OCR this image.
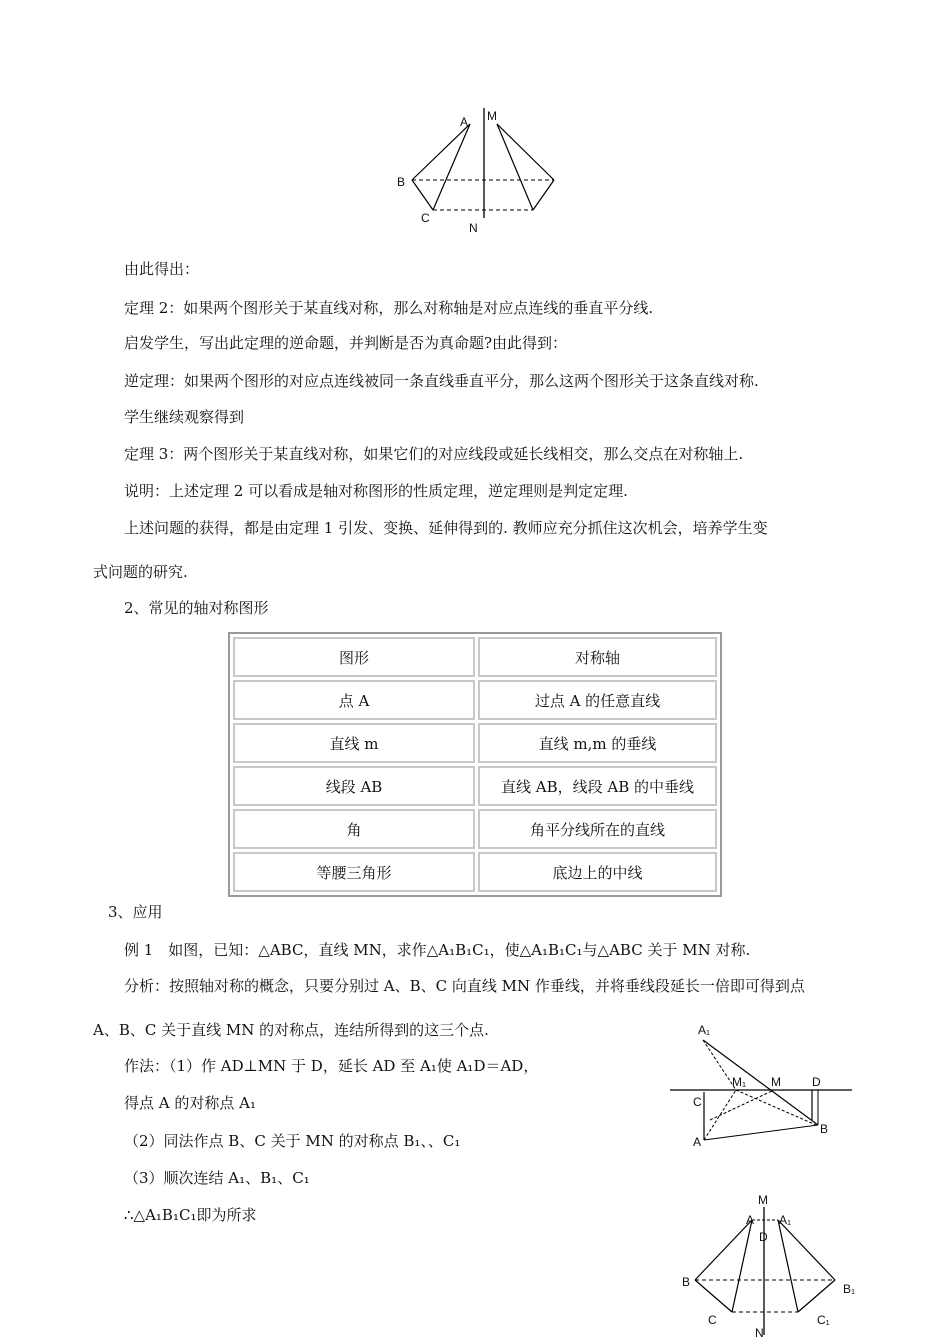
A M
B
C
N
由此得出：
定理 2：如果两个图形关于某直线对称，那么对称轴是对应点连线的垂直平分线.
启发学生，写出此定理的逆命题，并判断是否为真命题?由此得到：
逆定理：如果两个图形的对应点连线被同一条直线垂直平分，那么这两个图形关于这条直线对称.
学生继续观察得到
定理 3：两个图形关于某直线对称，如果它们的对应线段或延长线相交，那么交点在对称轴上.
说明：上述定理 2 可以看成是轴对称图形的性质定理，逆定理则是判定定理.
上述问题的获得，都是由定理 1 引发、变换、延伸得到的. 教师应充分抓住这次机会，培养学生变
式问题的研究.
2、常见的轴对称图形
图形	对称轴
点 A	过点 A 的任意直线
直线 m	直线 m,m 的垂线
线段 AB	直线 AB，线段 AB 的中垂线
角	角平分线所在的直线
等腰三角形	底边上的中线
3、应用
例 1　如图，已知：△ABC，直线 MN，求作△A₁B₁C₁，使△A₁B₁C₁与△ABC 关于 MN 对称.
分析：按照轴对称的概念，只要分别过 A、B、C 向直线 MN 作垂线，并将垂线段延长一倍即可得到点
A、B、C 关于直线 MN 的对称点，连结所得到的这三个点.
作法：（1）作 AD⊥MN 于 D，延长 AD 至 A₁使 A₁D＝AD，
得点 A 的对称点 A₁
（2）同法作点 B、C 关于 MN 的对称点 B₁、、C₁
（3）顺次连结 A₁、B₁、C₁
∴△A₁B₁C₁即为所求
A₁
M₁ M	D
C
B
A
M
A A₁
D
B	B₁
C	C₁
N
